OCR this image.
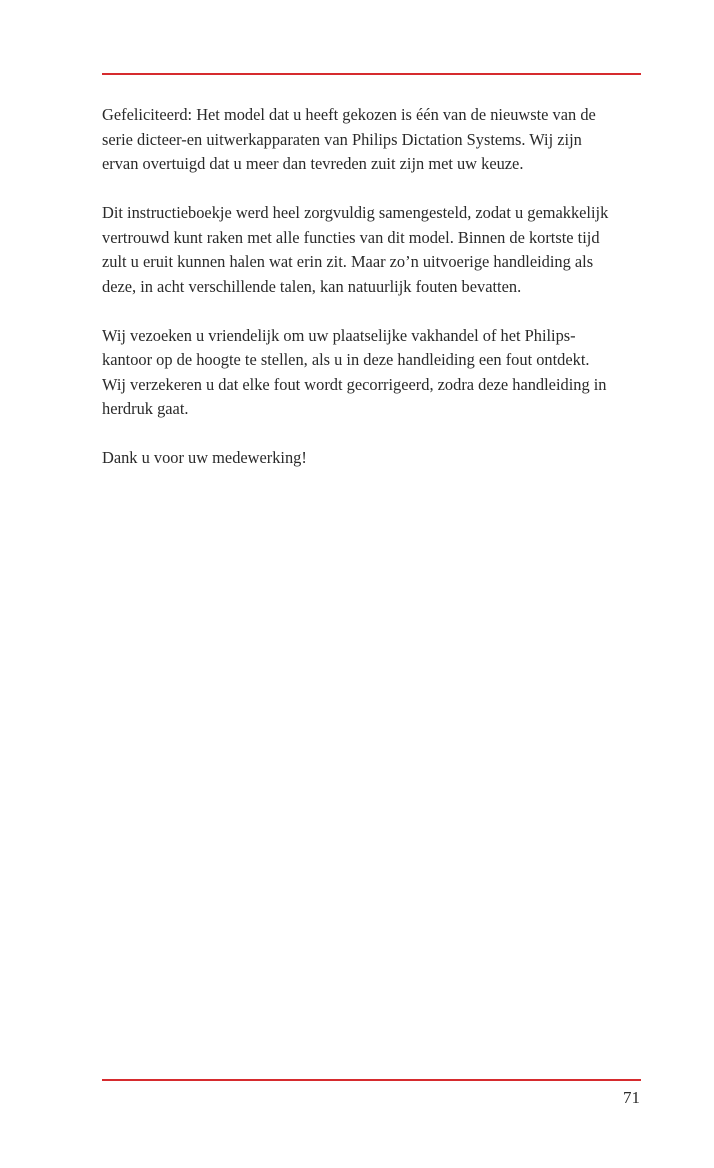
Gefeliciteerd: Het model dat u heeft gekozen is één van de nieuwste van de
serie dicteer-en uitwerkapparaten van Philips Dictation Systems. Wij zijn
ervan overtuigd dat u meer dan tevreden zuit zijn met uw keuze.

Dit instructieboekje werd heel zorgvuldig samengesteld, zodat u gemakkelijk
vertrouwd kunt raken met alle functies van dit model. Binnen de kortste tijd
zult u eruit kunnen halen wat erin zit. Maar zo’n uitvoerige handleiding als
deze, in acht verschillende talen, kan natuurlijk fouten bevatten.

Wij vezoeken u vriendelijk om uw plaatselijke vakhandel of het Philips-
kantoor op de hoogte te stellen, als u in deze handleiding een fout ontdekt.
Wij verzekeren u dat elke fout wordt gecorrigeerd, zodra deze handleiding in
herdruk gaat.

Dank u voor uw medewerking!

71
